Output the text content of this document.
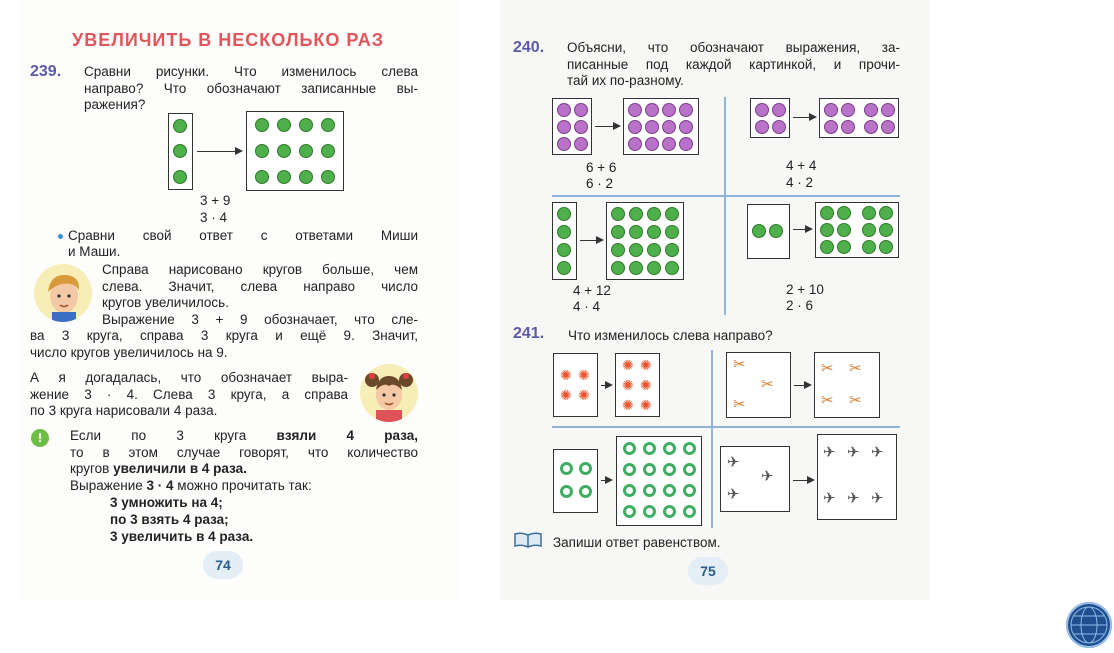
УВЕЛИЧИТЬ В НЕСКОЛЬКО РАЗ
239. Сравни рисунки. Что изменилось слева
направо? Что обозначают записанные вы-
ражения?
3 + 9
3 · 4
Сравни свой ответ с ответами Миши
и Маши.
Справа нарисовано кругов больше, чем
слева. Значит, слева направо число
кругов увеличилось.
Выражение 3 + 9 обозначает, что сле-
ва 3 круга, справа 3 круга и ещё 9. Значит,
число кругов увеличилось на 9.
А я догадалась, что обозначает выра-
жение 3 · 4. Слева 3 круга, а справа
по 3 круга нарисовали 4 раза.
!	Если по 3 круга взяли 4 раза,
то в этом случае говорят, что количество
кругов увеличили в 4 раза.
Выражение 3 · 4 можно прочитать так:
3 умножить на 4;
по 3 взять 4 раза;
3 увеличить в 4 раза.
74
240. Объясни, что обозначают выражения, за-
писанные под каждой картинкой, и прочи-
тай их по-разному.
6 + 6
6 · 2
4 + 4
4 · 2
4 + 12
4 · 4
2 + 10
2 · 6
241. Что изменилось слева направо?
✺ ✺
✺ ✺
✺ ✺
✺ ✺
✺ ✺
✂
✂
✂
✂ ✂
✂ ✂
✈
✈
✈
✈ ✈ ✈
✈ ✈ ✈
Запиши ответ равенством.
75
